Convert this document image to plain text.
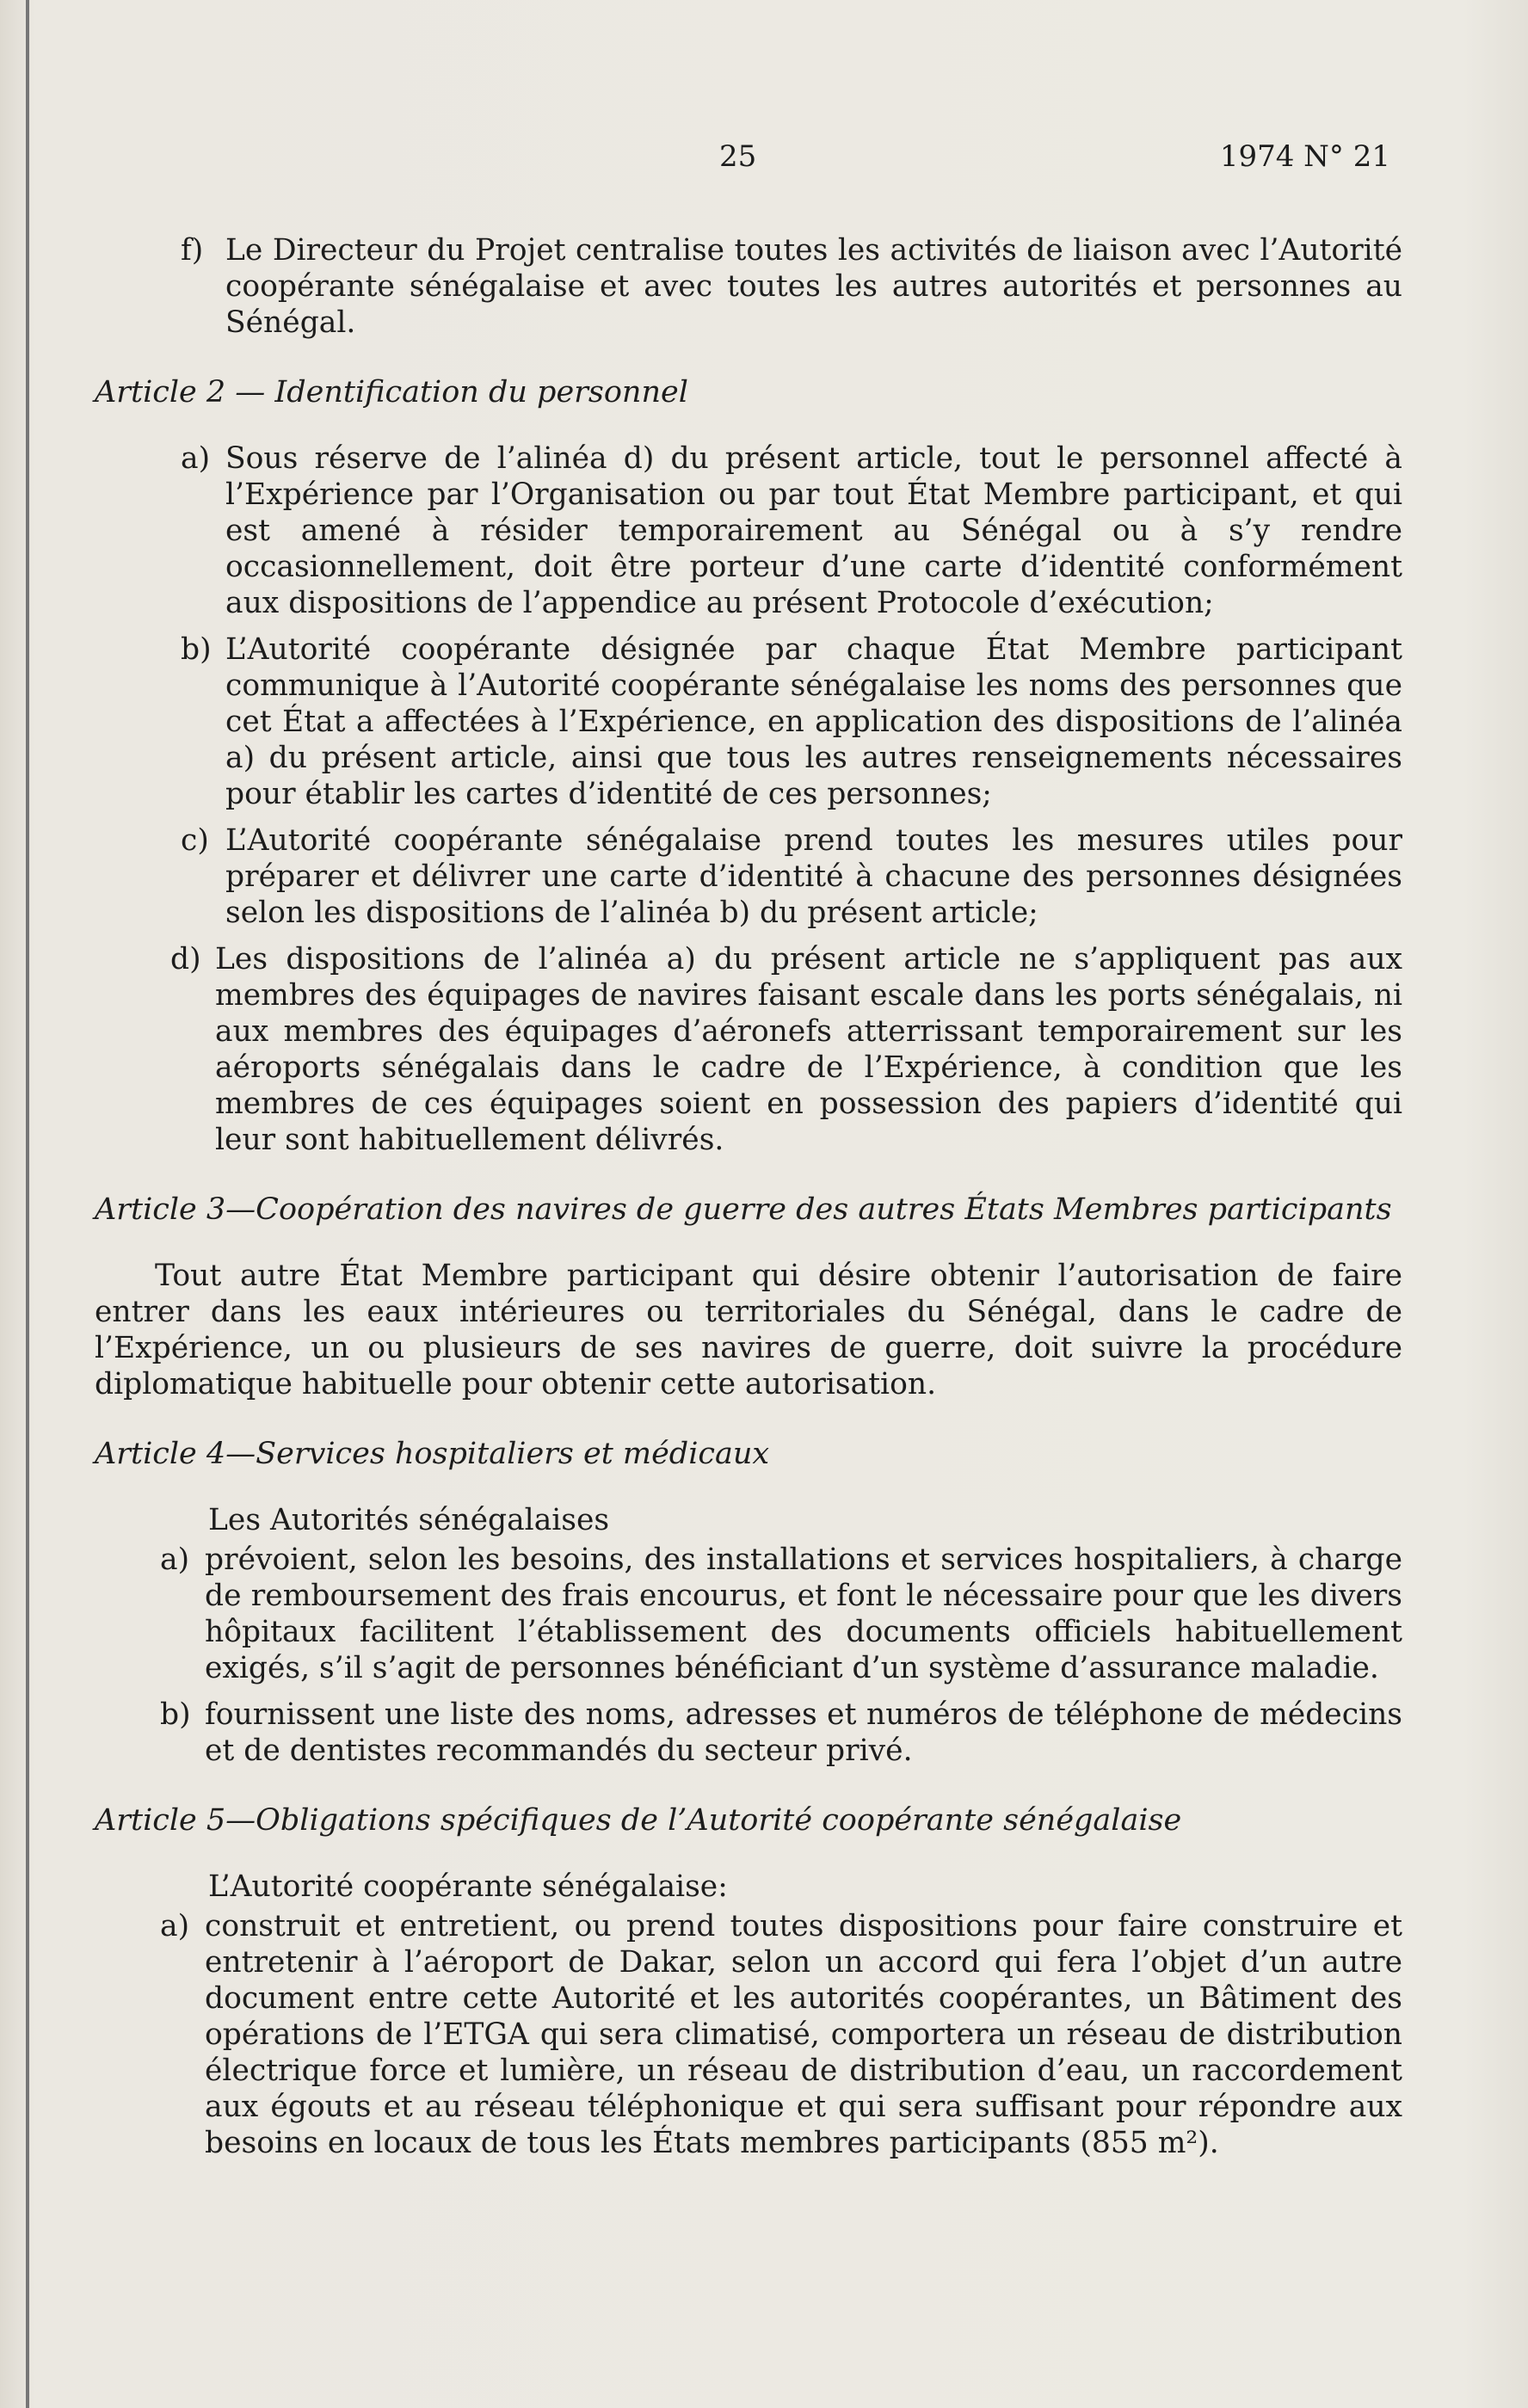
25	1974 N° 21
f) Le Directeur du Projet centralise toutes les activités de liaison avec l’Autorité coopérante sénégalaise et avec toutes les autres autorités et personnes au Sénégal.
Article 2 — Identification du personnel
a) Sous réserve de l’alinéa d) du présent article, tout le personnel affecté à l’Expérience par l’Organisation ou par tout État Membre participant, et qui est amené à résider temporairement au Sénégal ou à s’y rendre occasionnellement, doit être porteur d’une carte d’identité conformément aux dispositions de l’appendice au présent Protocole d’exécution;
b) L’Autorité coopérante désignée par chaque État Membre participant communique à l’Autorité coopérante sénégalaise les noms des personnes que cet État a affectées à l’Expérience, en application des dispositions de l’alinéa a) du présent article, ainsi que tous les autres renseignements nécessaires pour établir les cartes d’identité de ces personnes;
c) L’Autorité coopérante sénégalaise prend toutes les mesures utiles pour préparer et délivrer une carte d’identité à chacune des personnes désignées selon les dispositions de l’alinéa b) du présent article;
d) Les dispositions de l’alinéa a) du présent article ne s’appliquent pas aux membres des équipages de navires faisant escale dans les ports sénégalais, ni aux membres des équipages d’aéronefs atterrissant temporairement sur les aéroports sénégalais dans le cadre de l’Expérience, à condition que les membres de ces équipages soient en possession des papiers d’identité qui leur sont habituellement délivrés.
Article 3—Coopération des navires de guerre des autres États Membres participants
Tout autre État Membre participant qui désire obtenir l’autorisation de faire entrer dans les eaux intérieures ou territoriales du Sénégal, dans le cadre de l’Expérience, un ou plusieurs de ses navires de guerre, doit suivre la procédure diplomatique habituelle pour obtenir cette autorisation.
Article 4—Services hospitaliers et médicaux
Les Autorités sénégalaises
a) prévoient, selon les besoins, des installations et services hospitaliers, à charge de remboursement des frais encourus, et font le nécessaire pour que les divers hôpitaux facilitent l’établissement des documents officiels habituellement exigés, s’il s’agit de personnes bénéficiant d’un système d’assurance maladie.
b) fournissent une liste des noms, adresses et numéros de téléphone de médecins et de dentistes recommandés du secteur privé.
Article 5—Obligations spécifiques de l’Autorité coopérante sénégalaise
L’Autorité coopérante sénégalaise:
a) construit et entretient, ou prend toutes dispositions pour faire construire et entretenir à l’aéroport de Dakar, selon un accord qui fera l’objet d’un autre document entre cette Autorité et les autorités coopérantes, un Bâtiment des opérations de l’ETGA qui sera climatisé, comportera un réseau de distribution électrique force et lumière, un réseau de distribution d’eau, un raccordement aux égouts et au réseau téléphonique et qui sera suffisant pour répondre aux besoins en locaux de tous les États membres participants (855 m²).
